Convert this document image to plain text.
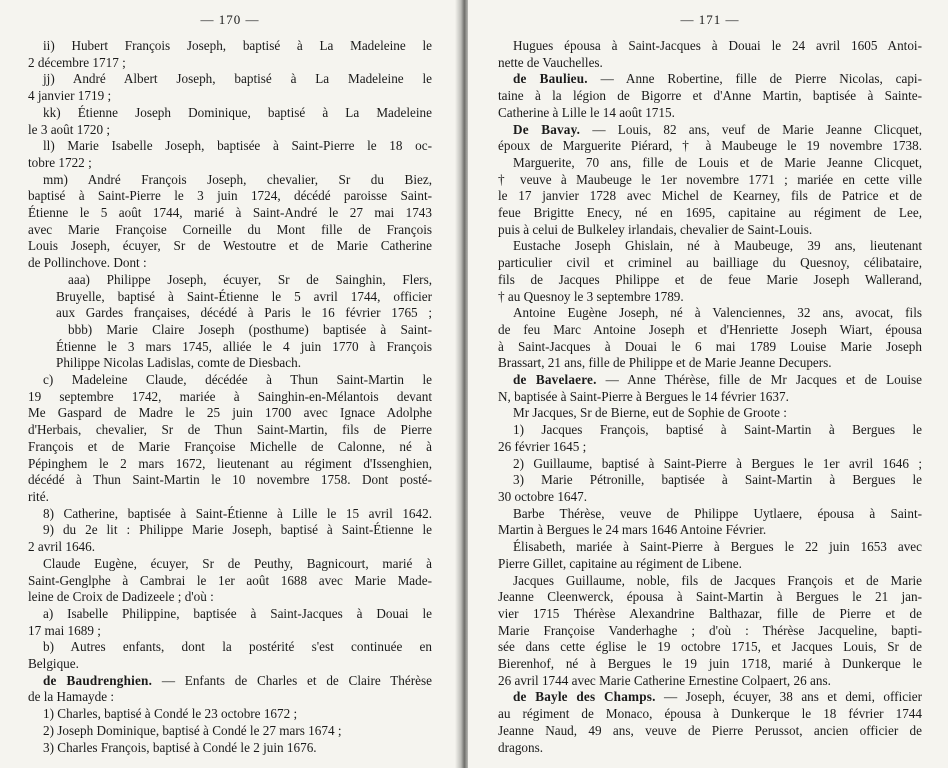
— 170 —
ii) Hubert François Joseph, baptisé à La Madeleine le
2 décembre 1717 ;
jj) André Albert Joseph, baptisé à La Madeleine le
4 janvier 1719 ;
kk) Étienne Joseph Dominique, baptisé à La Madeleine
le 3 août 1720 ;
ll) Marie Isabelle Joseph, baptisée à Saint-Pierre le 18 oc-
tobre 1722 ;
mm) André François Joseph, chevalier, Sr du Biez,
baptisé à Saint-Pierre le 3 juin 1724, décédé paroisse Saint-
Étienne le 5 août 1744, marié à Saint-André le 27 mai 1743
avec Marie Françoise Corneille du Mont fille de François
Louis Joseph, écuyer, Sr de Westoutre et de Marie Catherine
de Pollinchove. Dont :
aaa) Philippe Joseph, écuyer, Sr de Sainghin, Flers,
Bruyelle, baptisé à Saint-Étienne le 5 avril 1744, officier
aux Gardes françaises, décédé à Paris le 16 février 1765 ;
bbb) Marie Claire Joseph (posthume) baptisée à Saint-
Étienne le 3 mars 1745, alliée le 4 juin 1770 à François
Philippe Nicolas Ladislas, comte de Diesbach.
c) Madeleine Claude, décédée à Thun Saint-Martin le
19 septembre 1742, mariée à Sainghin-en-Mélantois devant
Me Gaspard de Madre le 25 juin 1700 avec Ignace Adolphe
d'Herbais, chevalier, Sr de Thun Saint-Martin, fils de Pierre
François et de Marie Françoise Michelle de Calonne, né à
Pépinghem le 2 mars 1672, lieutenant au régiment d'Issenghien,
décédé à Thun Saint-Martin le 10 novembre 1758. Dont posté-
rité.
8) Catherine, baptisée à Saint-Étienne à Lille le 15 avril 1642.
9) du 2e lit : Philippe Marie Joseph, baptisé à Saint-Étienne le
2 avril 1646.
Claude Eugène, écuyer, Sr de Peuthy, Bagnicourt, marié à
Saint-Genglphe à Cambrai le 1er août 1688 avec Marie Made-
leine de Croix de Dadizeele ; d'où :
a) Isabelle Philippine, baptisée à Saint-Jacques à Douai le
17 mai 1689 ;
b) Autres enfants, dont la postérité s'est continuée en
Belgique.
de Baudrenghien. — Enfants de Charles et de Claire Thérèse
de la Hamayde :
1) Charles, baptisé à Condé le 23 octobre 1672 ;
2) Joseph Dominique, baptisé à Condé le 27 mars 1674 ;
3) Charles François, baptisé à Condé le 2 juin 1676.
— 171 —
Hugues épousa à Saint-Jacques à Douai le 24 avril 1605 Antoi-
nette de Vauchelles.
de Baulieu. — Anne Robertine, fille de Pierre Nicolas, capi-
taine à la légion de Bigorre et d'Anne Martin, baptisée à Sainte-
Catherine à Lille le 14 août 1715.
De Bavay. — Louis, 82 ans, veuf de Marie Jeanne Clicquet,
époux de Marguerite Piérard, † à Maubeuge le 19 novembre 1738.
Marguerite, 70 ans, fille de Louis et de Marie Jeanne Clicquet,
† veuve à Maubeuge le 1er novembre 1771 ; mariée en cette ville
le 17 janvier 1728 avec Michel de Kearney, fils de Patrice et de
feue Brigitte Enecy, né en 1695, capitaine au régiment de Lee,
puis à celui de Bulkeley irlandais, chevalier de Saint-Louis.
Eustache Joseph Ghislain, né à Maubeuge, 39 ans, lieutenant
particulier civil et criminel au bailliage du Quesnoy, célibataire,
fils de Jacques Philippe et de feue Marie Joseph Wallerand,
† au Quesnoy le 3 septembre 1789.
Antoine Eugène Joseph, né à Valenciennes, 32 ans, avocat, fils
de feu Marc Antoine Joseph et d'Henriette Joseph Wiart, épousa
à Saint-Jacques à Douai le 6 mai 1789 Louise Marie Joseph
Brassart, 21 ans, fille de Philippe et de Marie Jeanne Decupers.
de Bavelaere. — Anne Thérèse, fille de Mr Jacques et de Louise
N, baptisée à Saint-Pierre à Bergues le 14 février 1637.
Mr Jacques, Sr de Bierne, eut de Sophie de Groote :
1) Jacques François, baptisé à Saint-Martin à Bergues le
26 février 1645 ;
2) Guillaume, baptisé à Saint-Pierre à Bergues le 1er avril 1646 ;
3) Marie Pétronille, baptisée à Saint-Martin à Bergues le
30 octobre 1647.
Barbe Thérèse, veuve de Philippe Uytlaere, épousa à Saint-
Martin à Bergues le 24 mars 1646 Antoine Février.
Élisabeth, mariée à Saint-Pierre à Bergues le 22 juin 1653 avec
Pierre Gillet, capitaine au régiment de Libene.
Jacques Guillaume, noble, fils de Jacques François et de Marie
Jeanne Cleenwerck, épousa à Saint-Martin à Bergues le 21 jan-
vier 1715 Thérèse Alexandrine Balthazar, fille de Pierre et de
Marie Françoise Vanderhaghe ; d'où : Thérèse Jacqueline, bapti-
sée dans cette église le 19 octobre 1715, et Jacques Louis, Sr de
Bierenhof, né à Bergues le 19 juin 1718, marié à Dunkerque le
26 avril 1744 avec Marie Catherine Ernestine Colpaert, 26 ans.
de Bayle des Champs. — Joseph, écuyer, 38 ans et demi, officier
au régiment de Monaco, épousa à Dunkerque le 18 février 1744
Jeanne Naud, 49 ans, veuve de Pierre Perussot, ancien officier de
dragons.
